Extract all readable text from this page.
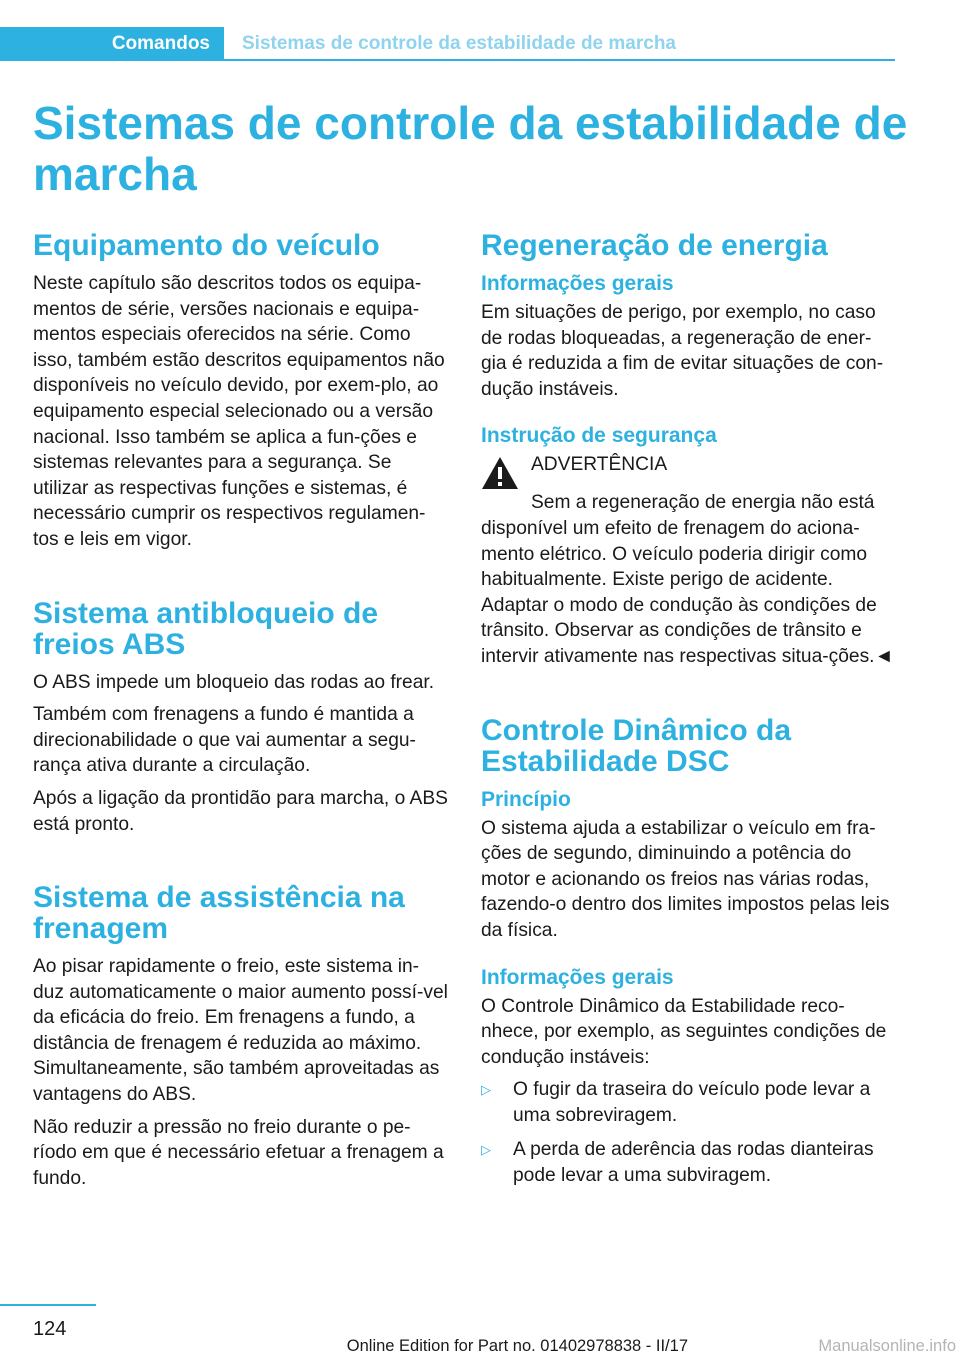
Comandos	Sistemas de controle da estabilidade de marcha
Sistemas de controle da estabilidade de marcha
Equipamento do veículo

Neste capítulo são descritos todos os equipa‐mentos de série, versões nacionais e equipa‐mentos especiais oferecidos na série. Como isso, também estão descritos equipamentos não disponíveis no veículo devido, por exem‐plo, ao equipamento especial selecionado ou a versão nacional. Isso também se aplica a fun‐ções e sistemas relevantes para a segurança. Se utilizar as respectivas funções e sistemas, é necessário cumprir os respectivos regulamen‐tos e leis em vigor.

Sistema antibloqueio de freios ABS

O ABS impede um bloqueio das rodas ao frear.

Também com frenagens a fundo é mantida a direcionabilidade o que vai aumentar a segu‐rança ativa durante a circulação.

Após a ligação da prontidão para marcha, o ABS está pronto.

Sistema de assistência na frenagem

Ao pisar rapidamente o freio, este sistema in‐duz automaticamente o maior aumento possí‐vel da eficácia do freio. Em frenagens a fundo, a distância de frenagem é reduzida ao máximo. Simultaneamente, são também aproveitadas as vantagens do ABS.

Não reduzir a pressão no freio durante o pe‐ríodo em que é necessário efetuar a frenagem a fundo.

Regeneração de energia
Informações gerais

Em situações de perigo, por exemplo, no caso de rodas bloqueadas, a regeneração de ener‐gia é reduzida a fim de evitar situações de con‐dução instáveis.

Instrução de segurança
ADVERTÊNCIA

Sem a regeneração de energia não está disponível um efeito de frenagem do aciona‐mento elétrico. O veículo poderia dirigir como habitualmente. Existe perigo de acidente. Adaptar o modo de condução às condições de trânsito. Observar as condições de trânsito e intervir ativamente nas respectivas situa‐ções.◄

Controle Dinâmico da Estabilidade DSC
Princípio

O sistema ajuda a estabilizar o veículo em fra‐ções de segundo, diminuindo a potência do motor e acionando os freios nas várias rodas, fazendo-o dentro dos limites impostos pelas leis da física.

Informações gerais

O Controle Dinâmico da Estabilidade reco‐nhece, por exemplo, as seguintes condições de condução instáveis:

▷	O fugir da traseira do veículo pode levar a uma sobreviragem.
▷	A perda de aderência das rodas dianteiras pode levar a uma subviragem.
124
Online Edition for Part no. 01402978838 - II/17	Manualsonline.info
